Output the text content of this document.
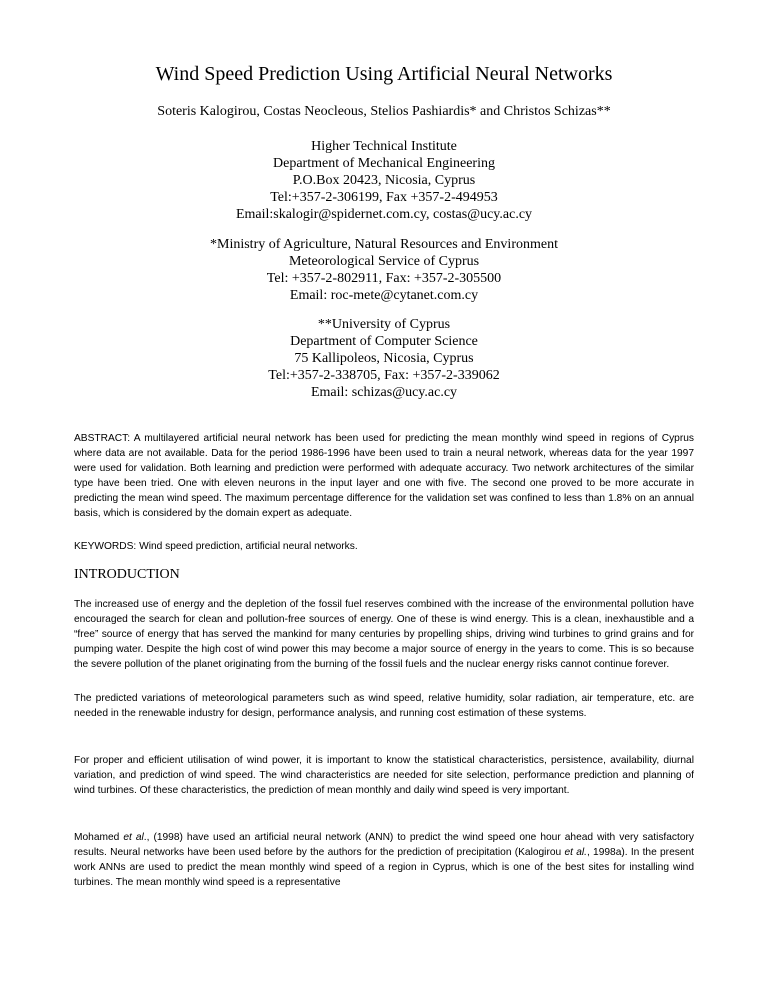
Wind Speed Prediction Using Artificial Neural Networks
Soteris Kalogirou, Costas Neocleous, Stelios Pashiardis* and Christos Schizas**
Higher Technical Institute
Department of Mechanical Engineering
P.O.Box 20423, Nicosia, Cyprus
Tel:+357-2-306199, Fax +357-2-494953
Email:skalogir@spidernet.com.cy, costas@ucy.ac.cy
*Ministry of Agriculture, Natural Resources and Environment
Meteorological Service of Cyprus
Tel: +357-2-802911, Fax: +357-2-305500
Email: roc-mete@cytanet.com.cy
**University of Cyprus
Department of Computer Science
75 Kallipoleos, Nicosia, Cyprus
Tel:+357-2-338705, Fax: +357-2-339062
Email: schizas@ucy.ac.cy
ABSTRACT: A multilayered artificial neural network has been used for predicting the mean monthly wind speed in regions of Cyprus where data are not available. Data for the period 1986-1996 have been used to train a neural network, whereas data for the year 1997 were used for validation. Both learning and prediction were performed with adequate accuracy. Two network architectures of the similar type have been tried. One with eleven neurons in the input layer and one with five. The second one proved to be more accurate in predicting the mean wind speed. The maximum percentage difference for the validation set was confined to less than 1.8% on an annual basis, which is considered by the domain expert as adequate.
KEYWORDS: Wind speed prediction, artificial neural networks.
INTRODUCTION
The increased use of energy and the depletion of the fossil fuel reserves combined with the increase of the environmental pollution have encouraged the search for clean and pollution-free sources of energy. One of these is wind energy. This is a clean, inexhaustible and a “free” source of energy that has served the mankind for many centuries by propelling ships, driving wind turbines to grind grains and for pumping water. Despite the high cost of wind power this may become a major source of energy in the years to come. This is so because the severe pollution of the planet originating from the burning of the fossil fuels and the nuclear energy risks cannot continue forever.
The predicted variations of meteorological parameters such as wind speed, relative humidity, solar radiation, air temperature, etc. are needed in the renewable industry for design, performance analysis, and running cost estimation of these systems.
For proper and efficient utilisation of wind power, it is important to know the statistical characteristics, persistence, availability, diurnal variation, and prediction of wind speed. The wind characteristics are needed for site selection, performance prediction and planning of wind turbines. Of these characteristics, the prediction of mean monthly and daily wind speed is very important.
Mohamed et al., (1998) have used an artificial neural network (ANN) to predict the wind speed one hour ahead with very satisfactory results. Neural networks have been used before by the authors for the prediction of precipitation (Kalogirou et al., 1998a). In the present work ANNs are used to predict the mean monthly wind speed of a region in Cyprus, which is one of the best sites for installing wind turbines. The mean monthly wind speed is a representative
